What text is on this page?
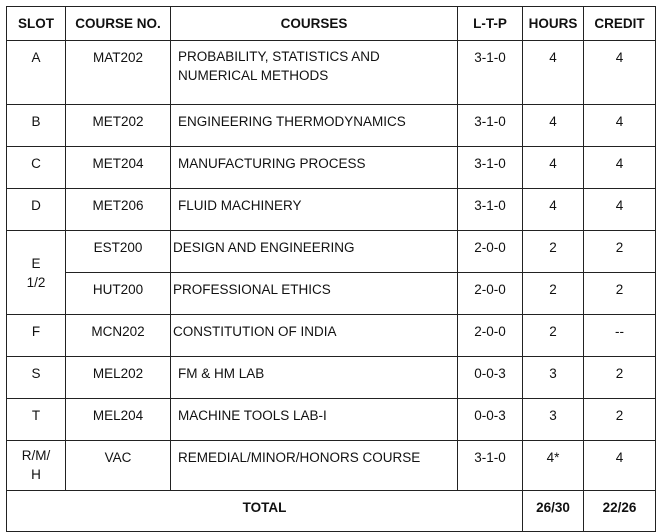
SLOT	COURSE NO.	COURSES	L-T-P	HOURS	CREDIT
A	MAT202	PROBABILITY, STATISTICS AND NUMERICAL METHODS	3-1-0	4	4
B	MET202	ENGINEERING THERMODYNAMICS	3-1-0	4	4
C	MET204	MANUFACTURING PROCESS	3-1-0	4	4
D	MET206	FLUID MACHINERY	3-1-0	4	4
E 1/2	EST200	DESIGN AND ENGINEERING	2-0-0	2	2
	HUT200	PROFESSIONAL ETHICS	2-0-0	2	2
F	MCN202	CONSTITUTION OF INDIA	2-0-0	2	--
S	MEL202	FM & HM LAB	0-0-3	3	2
T	MEL204	MACHINE TOOLS LAB-I	0-0-3	3	2
R/M/ H	VAC	REMEDIAL/MINOR/HONORS COURSE	3-1-0	4*	4
TOTAL				26/30	22/26
